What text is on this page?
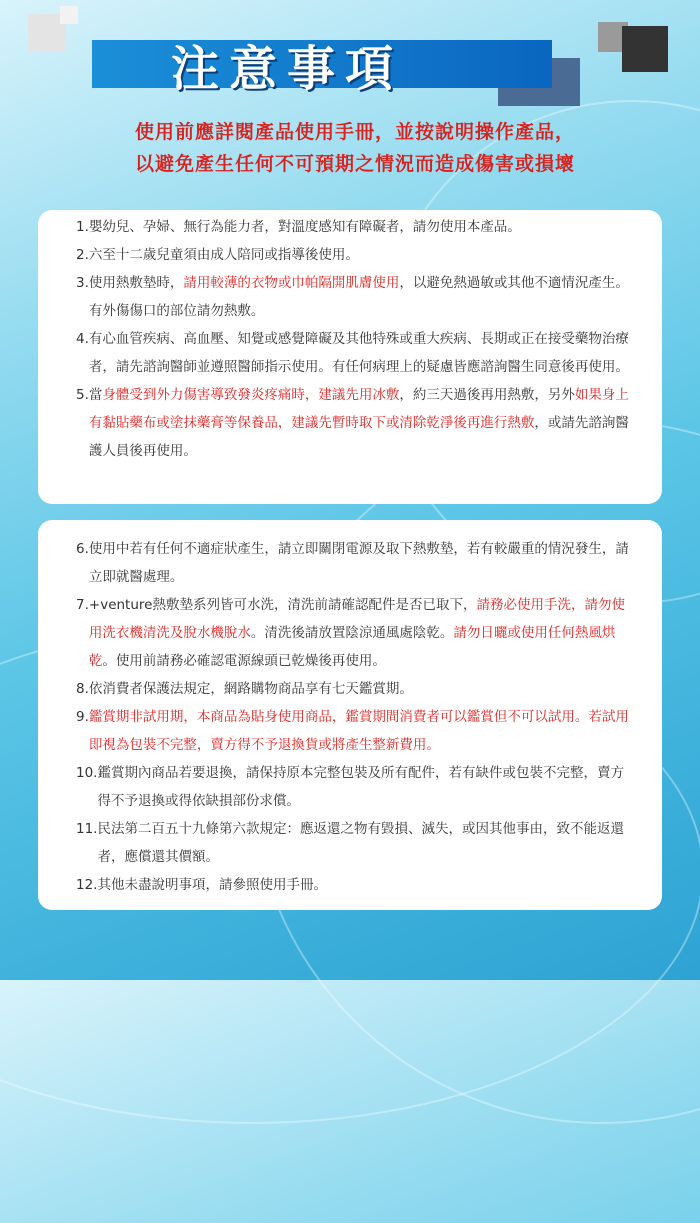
注意事項
使用前應詳閱產品使用手冊，並按說明操作產品，
以避免產生任何不可預期之情況而造成傷害或損壞
1. 嬰幼兒、孕婦、無行為能力者，對溫度感知有障礙者，請勿使用本產品。
2. 六至十二歲兒童須由成人陪同或指導後使用。
3. 使用熱敷墊時，請用較薄的衣物或巾帕隔開肌膚使用，以避免熱過敏或其他不適情況產生。有外傷傷口的部位請勿熱敷。
4. 有心血管疾病、高血壓、知覺或感覺障礙及其他特殊或重大疾病、長期或正在接受藥物治療者，請先諮詢醫師並遵照醫師指示使用。有任何病理上的疑慮皆應諮詢醫生同意後再使用。
5. 當身體受到外力傷害導致發炎疼痛時，建議先用冰敷，約三天過後再用熱敷，另外如果身上有黏貼藥布或塗抹藥膏等保養品，建議先暫時取下或清除乾淨後再進行熱敷，或請先諮詢醫護人員後再使用。
6. 使用中若有任何不適症狀產生，請立即關閉電源及取下熱敷墊，若有較嚴重的情況發生，請立即就醫處理。
7. +venture熱敷墊系列皆可水洗，清洗前請確認配件是否已取下，請務必使用手洗，請勿使用洗衣機清洗及脫水機脫水。清洗後請放置陰涼通風處陰乾。請勿日曬或使用任何熱風烘乾。使用前請務必確認電源線頭已乾燥後再使用。
8. 依消費者保護法規定，網路購物商品享有七天鑑賞期。
9. 鑑賞期非試用期，本商品為貼身使用商品，鑑賞期間消費者可以鑑賞但不可以試用。若試用即視為包裝不完整，賣方得不予退換貨或將產生整新費用。
10. 鑑賞期內商品若要退換，請保持原本完整包裝及所有配件，若有缺件或包裝不完整，賣方得不予退換或得依缺損部份求償。
11. 民法第二百五十九條第六款規定：應返還之物有毀損、滅失，或因其他事由，致不能返還者，應償還其價額。
12. 其他未盡說明事項，請參照使用手冊。
